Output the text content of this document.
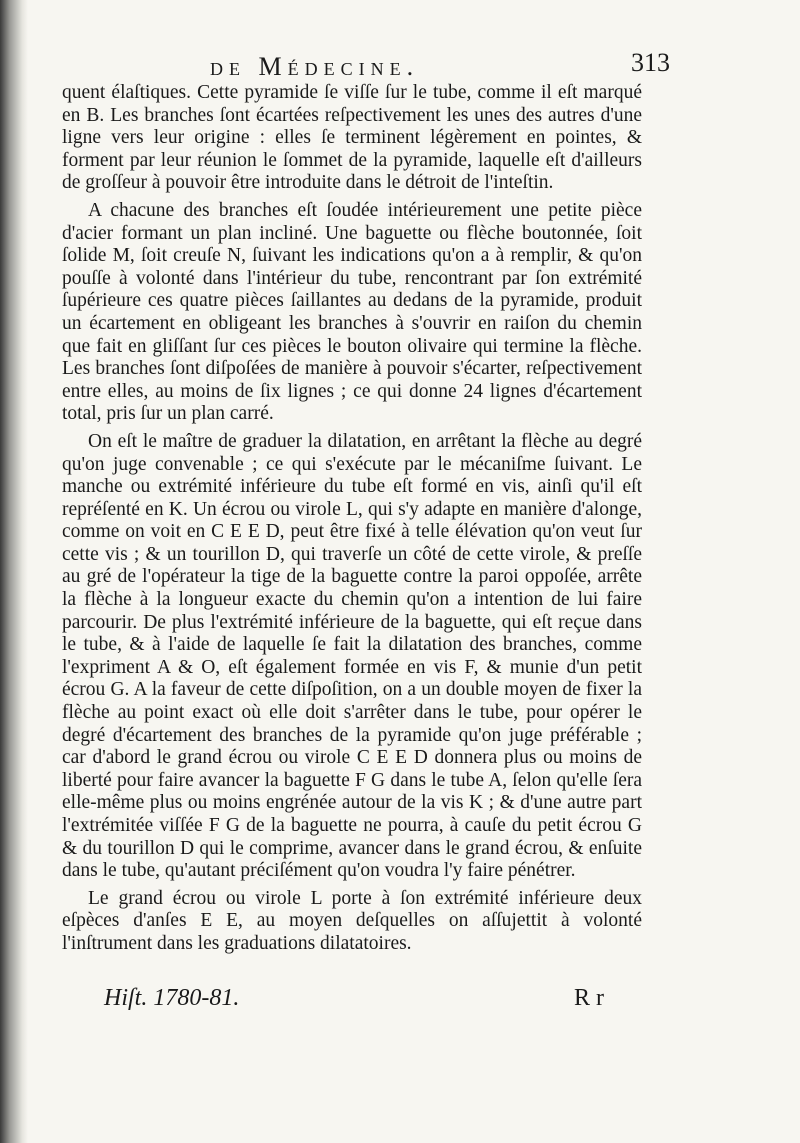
de Médecine.	313

quent élaſtiques. Cette pyramide ſe viſſe ſur le tube, comme il eſt marqué en B. Les branches ſont écartées reſpectivement les unes des autres d'une ligne vers leur origine : elles ſe terminent légèrement en pointes, & forment par leur réunion le ſommet de la pyramide, laquelle eſt d'ailleurs de groſſeur à pouvoir être introduite dans le détroit de l'inteſtin.

A chacune des branches eſt ſoudée intérieurement une petite pièce d'acier formant un plan incliné. Une baguette ou flèche boutonnée, ſoit ſolide M, ſoit creuſe N, ſuivant les indications qu'on a à remplir, & qu'on pouſſe à volonté dans l'intérieur du tube, rencontrant par ſon extrémité ſupérieure ces quatre pièces ſaillantes au dedans de la pyramide, produit un écartement en obligeant les branches à s'ouvrir en raiſon du chemin que fait en gliſſant ſur ces pièces le bouton olivaire qui termine la flèche. Les branches ſont diſpoſées de manière à pouvoir s'écarter, reſpectivement entre elles, au moins de ſix lignes ; ce qui donne 24 lignes d'écartement total, pris ſur un plan carré.

On eſt le maître de graduer la dilatation, en arrêtant la flèche au degré qu'on juge convenable ; ce qui s'exécute par le mécaniſme ſuivant. Le manche ou extrémité inférieure du tube eſt formé en vis, ainſi qu'il eſt repréſenté en K. Un écrou ou virole L, qui s'y adapte en manière d'alonge, comme on voit en C E E D, peut être fixé à telle élévation qu'on veut ſur cette vis ; & un tourillon D, qui traverſe un côté de cette virole, & preſſe au gré de l'opérateur la tige de la baguette contre la paroi oppoſée, arrête la flèche à la longueur exacte du chemin qu'on a intention de lui faire parcourir. De plus l'extrémité inférieure de la baguette, qui eſt reçue dans le tube, & à l'aide de laquelle ſe fait la dilatation des branches, comme l'expriment A & O, eſt également formée en vis F, & munie d'un petit écrou G. A la faveur de cette diſpoſition, on a un double moyen de fixer la flèche au point exact où elle doit s'arrêter dans le tube, pour opérer le degré d'écartement des branches de la pyramide qu'on juge préférable ; car d'abord le grand écrou ou virole C E E D donnera plus ou moins de liberté pour faire avancer la baguette F G dans le tube A, ſelon qu'elle ſera elle-même plus ou moins engrénée autour de la vis K ; & d'une autre part l'extrémitée viſſée F G de la baguette ne pourra, à cauſe du petit écrou G & du tourillon D qui le comprime, avancer dans le grand écrou, & enſuite dans le tube, qu'autant préciſément qu'on voudra l'y faire pénétrer.

Le grand écrou ou virole L porte à ſon extrémité inférieure deux eſpèces d'anſes E E, au moyen deſquelles on aſſujettit à volonté l'inſtrument dans les graduations dilatatoires.

Hiſt. 1780-81.	R r
